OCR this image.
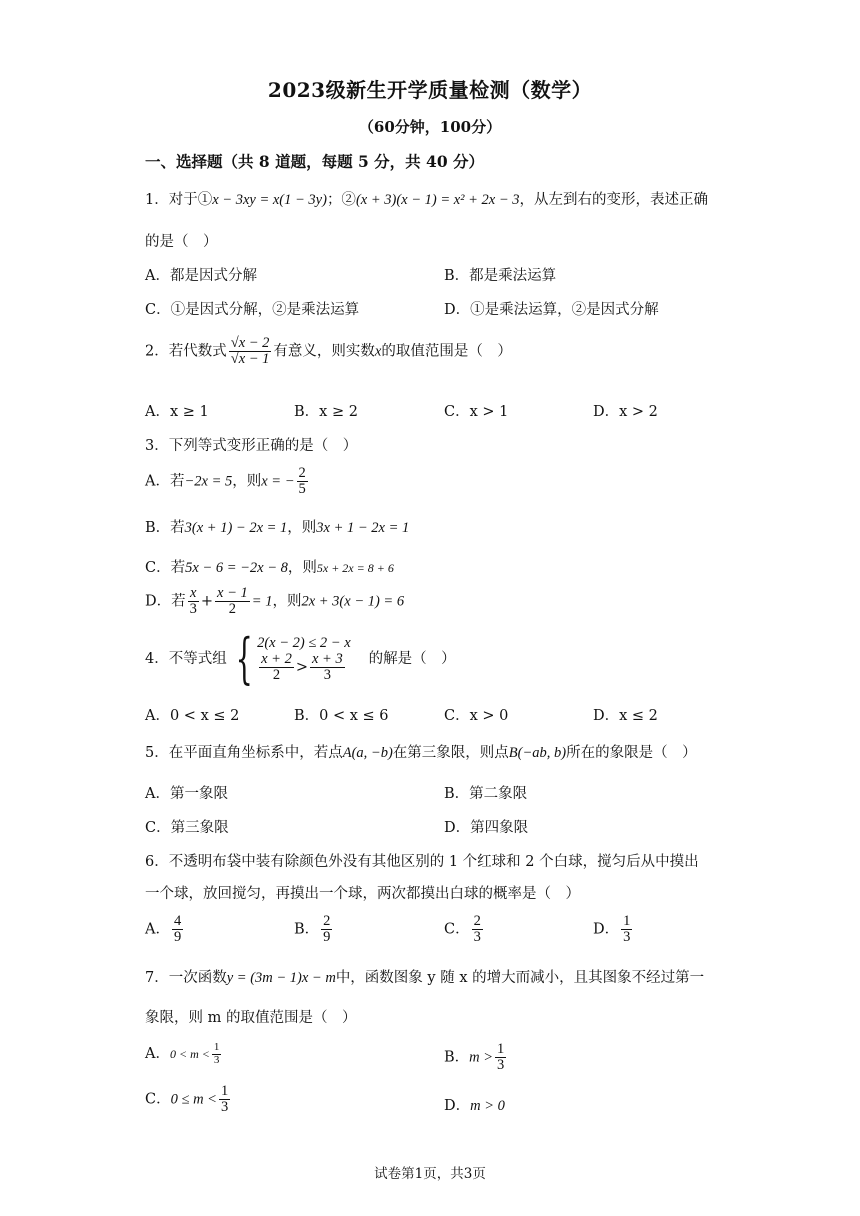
2023级新生开学质量检测（数学）
（60分钟，100分）
一、选择题（共 8 道题，每题 5 分，共 40 分）
1．对于①x − 3xy = x(1 − 3y)；②(x + 3)(x − 1) = x² + 2x − 3，从左到右的变形，表述正确
的是（　）
A．都是因式分解	B．都是乘法运算
C．①是因式分解，②是乘法运算	D．①是乘法运算，②是因式分解
2．若代数式 $\frac{√x - 2}{√x - 1}$ 有意义，则实数x的取值范围是（　）
A．x ≥ 1	B．x ≥ 2	C．x > 1	D．x > 2
3．下列等式变形正确的是（　）
A．若−2x = 5，则x = − $\frac{2}{5}$
B．若3(x + 1) − 2x = 1，则3x + 1 − 2x = 1
C．若5x − 6 = −2x − 8，则5x + 2x = 8 + 6
D．若 $\frac{x}{3} + \frac{x - 1}{2} = 1$，则2x + 3(x − 1) = 6
4．不等式组 { 2(x − 2) ≤ 2 − x
$\frac{x + 2}{2} > \frac{x + 3}{3}$ 的解是（　）
A．0 < x ≤ 2	B．0 < x ≤ 6	C．x > 0	D．x ≤ 2
5．在平面直角坐标系中，若点A(a, −b)在第三象限，则点B(−ab, b)所在的象限是（　）
A．第一象限	B．第二象限
C．第三象限	D．第四象限
6．不透明布袋中装有除颜色外没有其他区别的 1 个红球和 2 个白球，搅匀后从中摸出
一个球，放回搅匀，再摸出一个球，两次都摸出白球的概率是（　）
A． $\frac{4}{9}$	B． $\frac{2}{9}$	C． $\frac{2}{3}$	D． $\frac{1}{3}$
7．一次函数y = (3m − 1)x − m中，函数图象 y 随 x 的增大而减小，且其图象不经过第一
象限，则 m 的取值范围是（　）
A．$0 < m < \frac{1}{3}$	B．$m > \frac{1}{3}$
C．$0 \le m < \frac{1}{3}$	D．m > 0
试卷第1页，共3页
